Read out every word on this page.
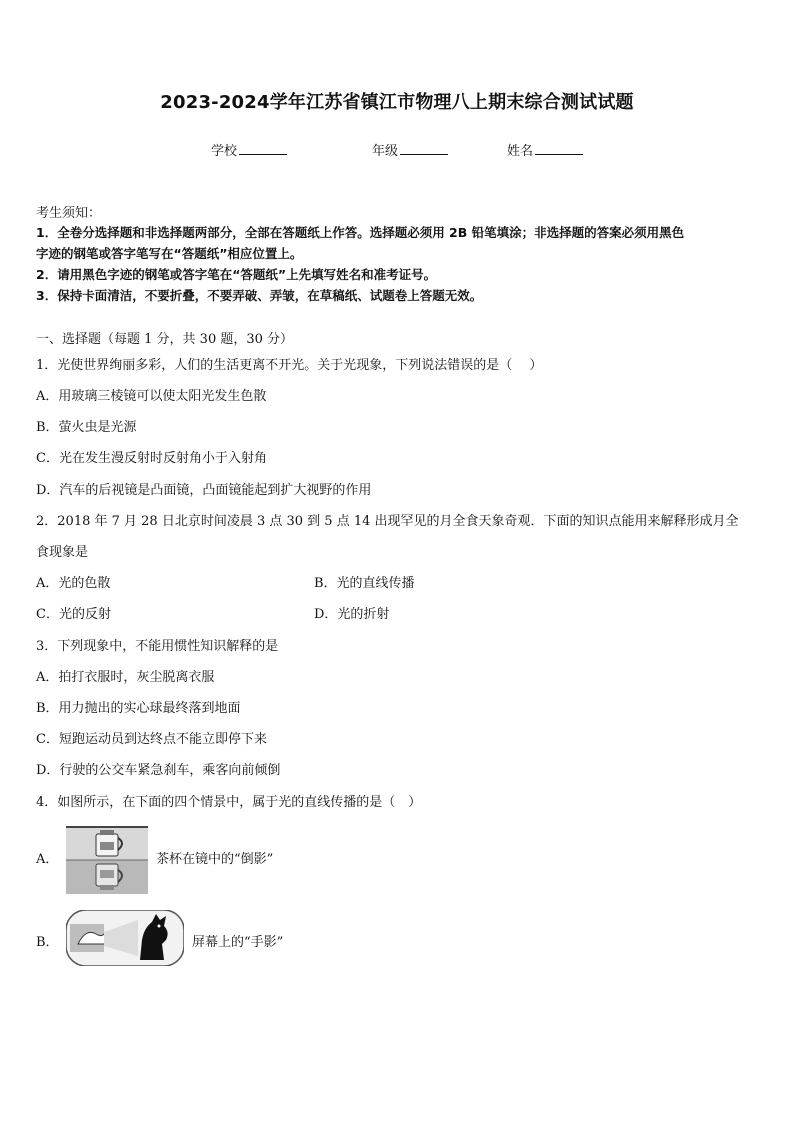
2023-2024学年江苏省镇江市物理八上期末综合测试试题
学校	年级	姓名
考生须知：
1．全卷分选择题和非选择题两部分，全部在答题纸上作答。选择题必须用 2B 铅笔填涂；非选择题的答案必须用黑色
字迹的钢笔或答字笔写在“答题纸”相应位置上。
2．请用黑色字迹的钢笔或答字笔在“答题纸”上先填写姓名和准考证号。
3．保持卡面清洁，不要折叠，不要弄破、弄皱，在草稿纸、试题卷上答题无效。
一、选择题（每题 1 分，共 30 题，30 分）
1．光使世界绚丽多彩，人们的生活更离不开光。关于光现象，下列说法错误的是（　 ）
A．用玻璃三棱镜可以使太阳光发生色散
B．萤火虫是光源
C．光在发生漫反射时反射角小于入射角
D．汽车的后视镜是凸面镜，凸面镜能起到扩大视野的作用
2．2018 年 7 月 28 日北京时间凌晨 3 点 30 到 5 点 14 出现罕见的月全食天象奇观．下面的知识点能用来解释形成月全
食现象是
A．光的色散	B．光的直线传播
C．光的反射	D．光的折射
3．下列现象中，不能用惯性知识解释的是
A．拍打衣服时，灰尘脱离衣服
B．用力抛出的实心球最终落到地面
C．短跑运动员到达终点不能立即停下来
D．行驶的公交车紧急刹车，乘客向前倾倒
4．如图所示，在下面的四个情景中，属于光的直线传播的是（　）
A．	茶杯在镜中的“倒影”
B．	屏幕上的“手影”
